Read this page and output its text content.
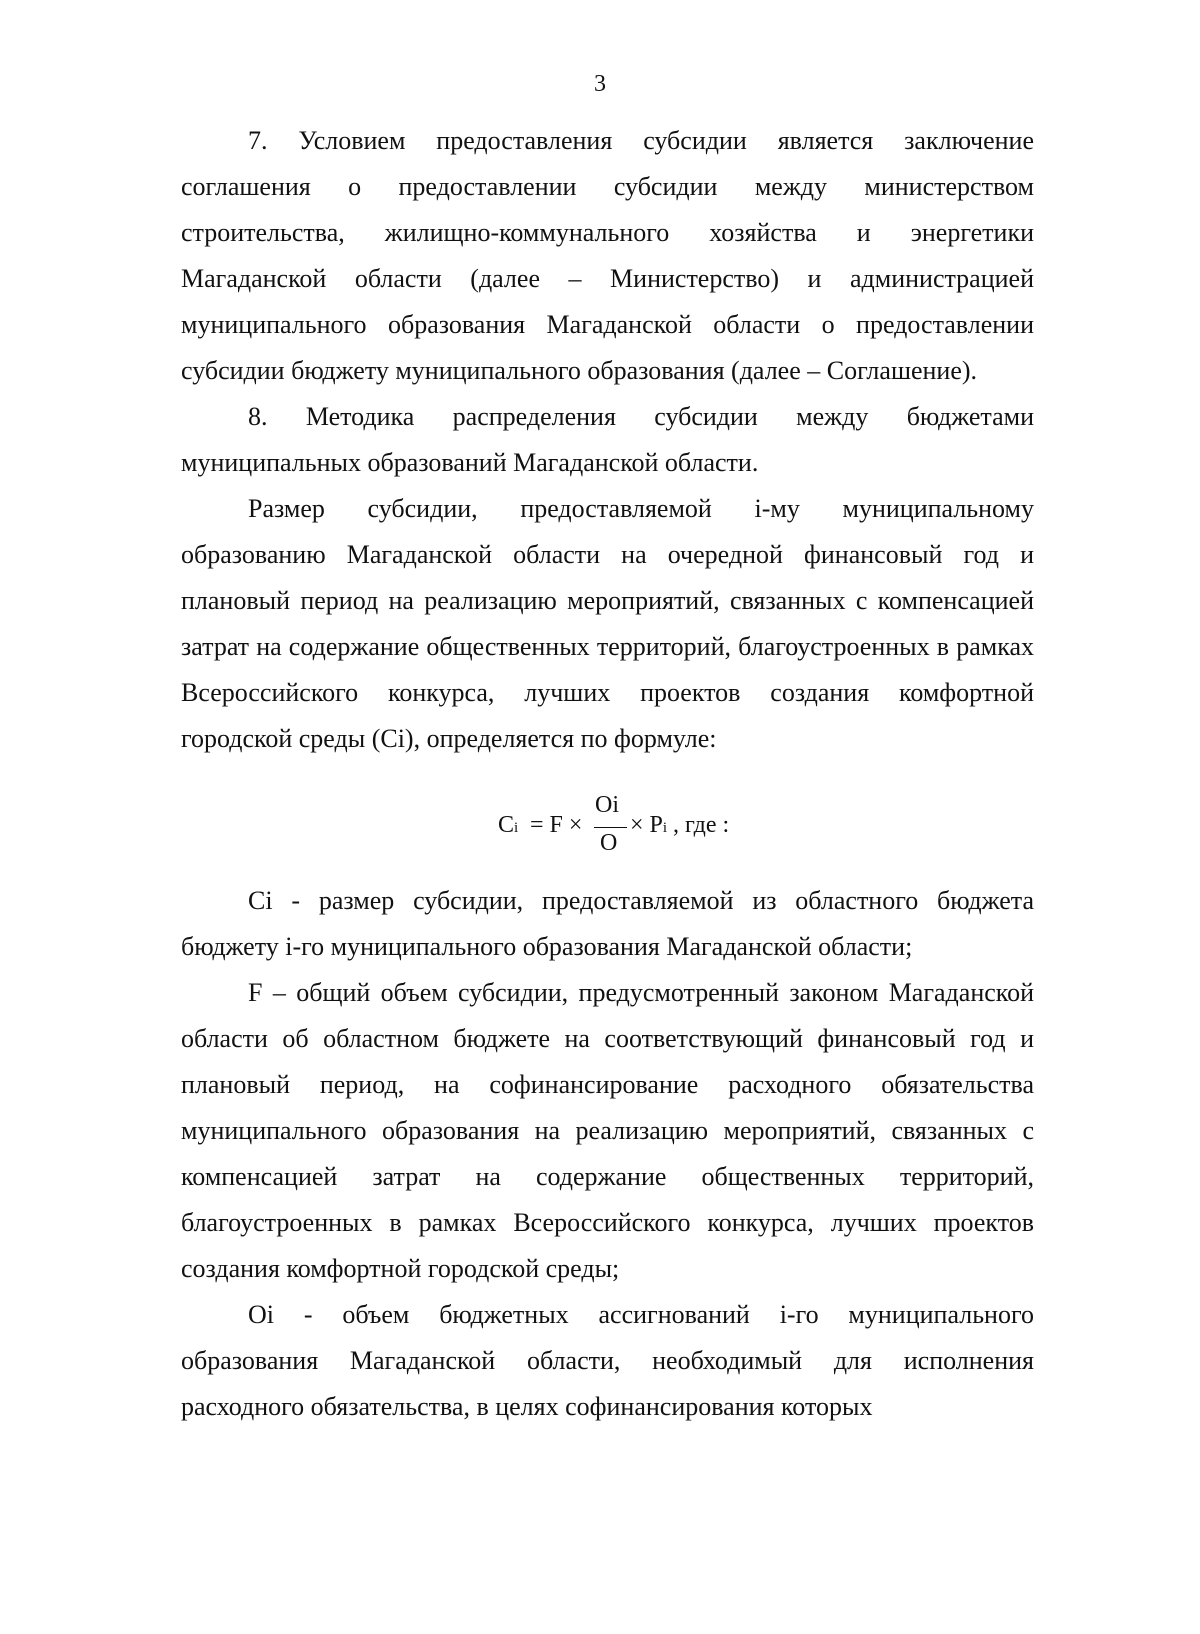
3

7. Условием предоставления субсидии является заключение соглашения о предоставлении субсидии между министерством строительства, жилищно-коммунального хозяйства и энергетики Магаданской области (далее – Министерство) и администрацией муниципального образования Магаданской области о предоставлении субсидии бюджету муниципального образования (далее – Соглашение).

8. Методика распределения субсидии между бюджетами муниципальных образований Магаданской области.

Размер субсидии, предоставляемой i-му муниципальному образованию Магаданской области на очередной финансовый год и плановый период на реализацию мероприятий, связанных с компенсацией затрат на содержание общественных территорий, благоустроенных в рамках Всероссийского конкурса, лучших проектов создания комфортной городской среды (Ci), определяется по формуле:

Ci = F ×
Oi
O
× Pi , где :

Ci - размер субсидии, предоставляемой из областного бюджета бюджету i-го муниципального образования Магаданской области;

F – общий объем субсидии, предусмотренный законом Магаданской области об областном бюджете на соответствующий финансовый год и плановый период, на софинансирование расходного обязательства муниципального образования на реализацию мероприятий, связанных с компенсацией затрат на содержание общественных территорий, благоустроенных в рамках Всероссийского конкурса, лучших проектов создания комфортной городской среды;

Oi - объем бюджетных ассигнований i-го муниципального образования Магаданской области, необходимый для исполнения расходного обязательства, в целях софинансирования которых
